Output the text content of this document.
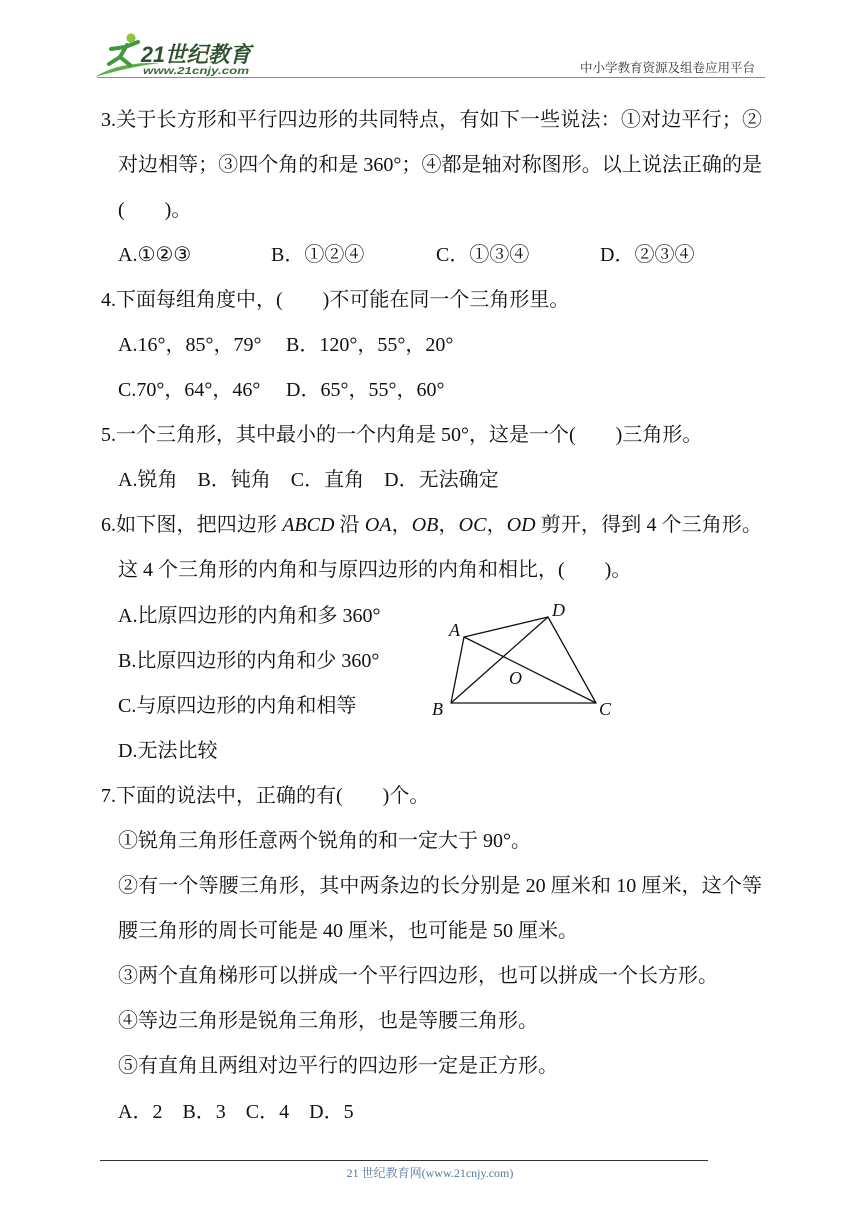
21世纪教育
www.21cnjy.com	中小学教育资源及组卷应用平台
3.关于长方形和平行四边形的共同特点，有如下一些说法：①对边平行；②
对边相等；③四个角的和是 360°；④都是轴对称图形。以上说法正确的是
(　　)。
A.①②③	B．①②④	C．①③④	D．②③④
4.下面每组角度中，(　　)不可能在同一个三角形里。
A.16°，85°，79°	B．120°，55°，20°
C.70°，64°，46°	D．65°，55°，60°
5.一个三角形，其中最小的一个内角是 50°，这是一个(　　)三角形。
A.锐角 B．钝角 C．直角 D．无法确定
6.如下图，把四边形 ABCD 沿 OA，OB，OC，OD 剪开，得到 4 个三角形。
这 4 个三角形的内角和与原四边形的内角和相比，(　　)。
A.比原四边形的内角和多 360°
B.比原四边形的内角和少 360°
C.与原四边形的内角和相等
D.无法比较
7.下面的说法中，正确的有(　　)个。
①锐角三角形任意两个锐角的和一定大于 90°。
②有一个等腰三角形，其中两条边的长分别是 20 厘米和 10 厘米，这个等
腰三角形的周长可能是 40 厘米，也可能是 50 厘米。
③两个直角梯形可以拼成一个平行四边形，也可以拼成一个长方形。
④等边三角形是锐角三角形，也是等腰三角形。
⑤有直角且两组对边平行的四边形一定是正方形。
A．2 B．3 C．4 D．5
A
D
B	C
O
21 世纪教育网(www.21cnjy.com)
